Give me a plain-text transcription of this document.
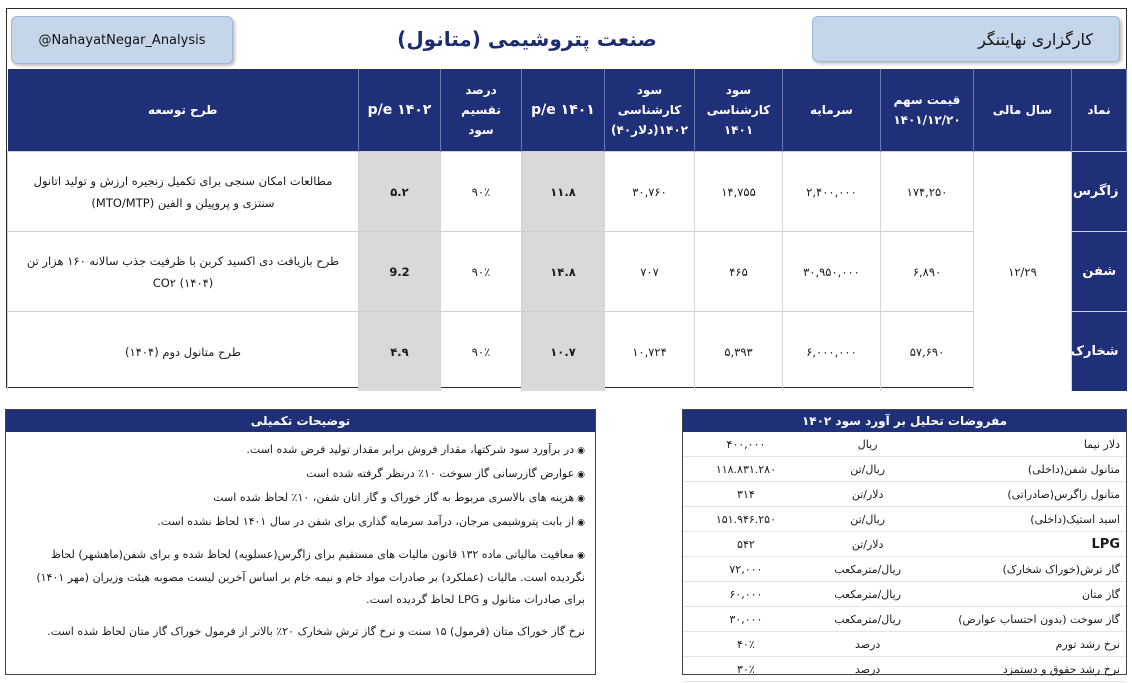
@NahayatNegar_Analysis	صنعت پتروشیمی (متانول)	کارگزاری نهایتنگر
نماد	سال مالی	قیمت سهم ۱۴۰۱/۱۲/۲۰	سرمایه	سود کارشناسی ۱۴۰۱	سود کارشناسی ۱۴۰۲(دلار۴۰)	p/e ۱۴۰۱	درصد تقسیم سود	p/e ۱۴۰۲	طرح توسعه
زاگرس	۱۲/۲۹	۱۷۴,۲۵۰	۲,۴۰۰,۰۰۰	۱۴,۷۵۵	۳۰,۷۶۰	۱۱.۸	۹۰٪	۵.۲	مطالعات امکان سنجی برای تکمیل زنجیره ارزش و تولید اتانول سنتزی و پروپیلن و الفین (MTO/MTP)
شفن		۶,۸۹۰	۳۰,۹۵۰,۰۰۰	۴۶۵	۷۰۷	۱۴.۸	۹۰٪	9.2	طرح بازیافت دی اکسید کربن با ظرفیت جذب سالانه ۱۶۰ هزار تن CO۲ (۱۴۰۴)
شخارک		۵۷,۶۹۰	۶,۰۰۰,۰۰۰	۵,۳۹۳	۱۰,۷۲۴	۱۰.۷	۹۰٪	۴.۹	طرح متانول دوم (۱۴۰۴)
توضیحات تکمیلی
◉در برآورد سود شرکتها، مقدار فروش برابر مقدار تولید فرض شده است.
◉عوارض گازرسانی گاز سوخت ۱۰٪ درنظر گرفته شده است
◉هزینه های بالاسری مربوط به گاز خوراک و گاز اتان شفن، ۱۰٪ لحاظ شده است
◉از بابت پتروشیمی مرجان، درآمد سرمایه گذاری برای شفن در سال ۱۴۰۱ لحاظ نشده است.
◉معافیت مالیاتی ماده ۱۳۲ قانون مالیات های مستقیم برای زاگرس(عسلویه) لحاظ شده و برای شفن(ماهشهر) لحاظ نگردیده است. مالیات (عملکرد) بر صادرات مواد خام و نیمه خام بر اساس آخرین لیست مصوبه هیئت وزیران (مهر ۱۴۰۱) برای صادرات متانول و LPG لحاظ گردیده است.
نرخ گاز خوراک متان (فرمول) ۱۵ سنت و نرخ گاز ترش شخارک ۲۰٪ بالاتر از فرمول خوراک گاز متان لحاظ شده است.
مفروضات تحلیل بر آورد سود ۱۴۰۲
دلار نیما	ریال	۴۰۰,۰۰۰
متانول شفن(داخلی)	ریال/تن	۱۱۸.۸۳۱.۲۸۰
متانول زاگرس(صادراتی)	دلار/تن	۳۱۴
اسید استیک(داخلی)	ریال/تن	۱۵۱.۹۴۶.۲۵۰
LPG	دلار/تن	۵۴۲
گاز ترش(خوراک شخارک)	ریال/مترمکعب	۷۲,۰۰۰
گاز متان	ریال/مترمکعب	۶۰,۰۰۰
گاز سوخت (بدون احتساب عوارض)	ریال/مترمکعب	۳۰,۰۰۰
نرخ رشد تورم	درصد	۴۰٪
نرخ رشد حقوق و دستمزد	درصد	۳۰٪
